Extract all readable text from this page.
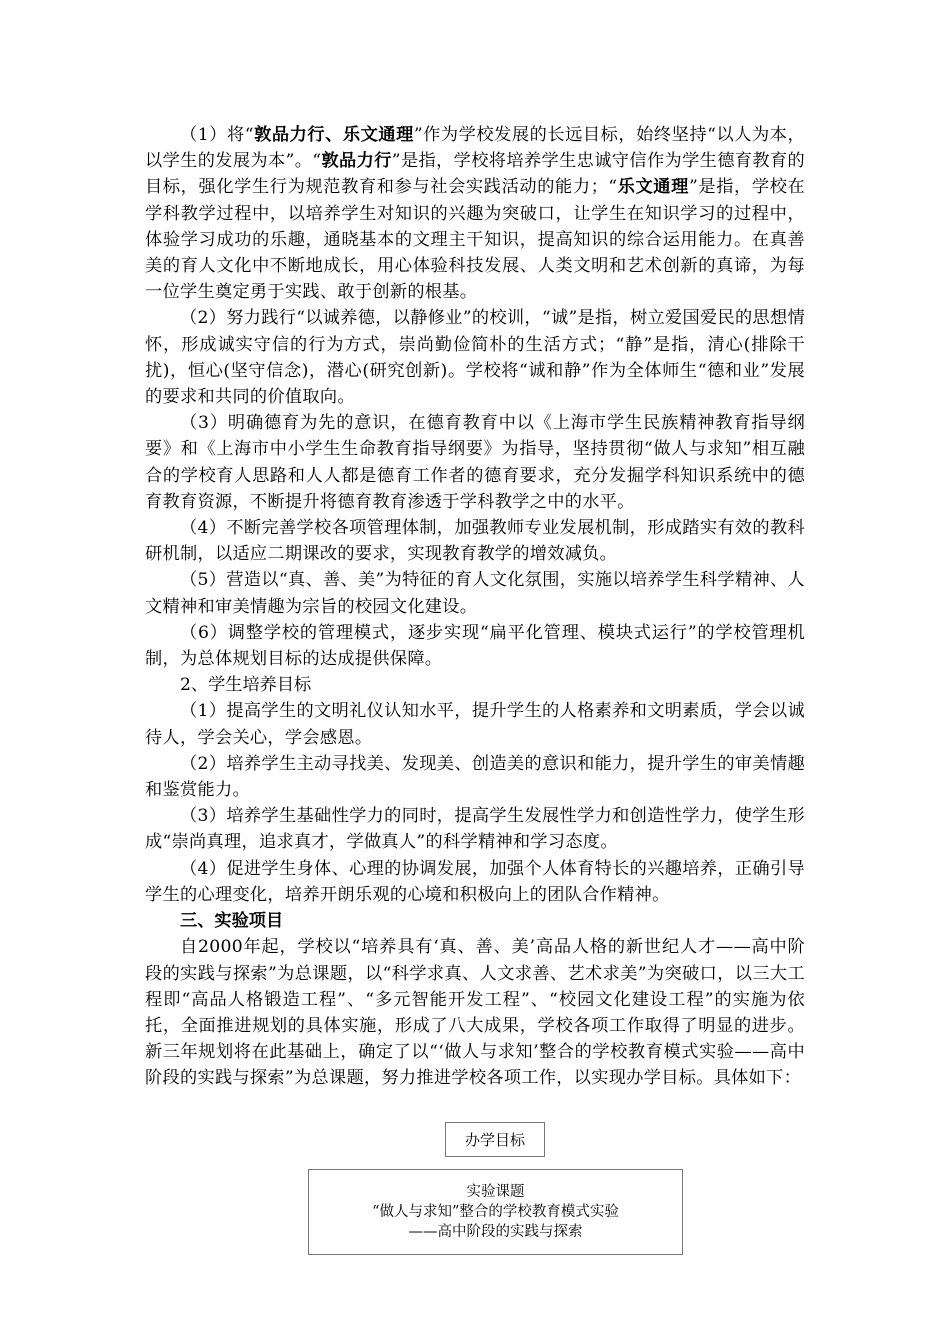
（1）将“敦品力行、乐文通理”作为学校发展的长远目标，始终坚持“以人为本，以学生的发展为本”。“敦品力行”是指，学校将培养学生忠诚守信作为学生德育教育的目标，强化学生行为规范教育和参与社会实践活动的能力；“乐文通理”是指，学校在学科教学过程中，以培养学生对知识的兴趣为突破口，让学生在知识学习的过程中，体验学习成功的乐趣，通晓基本的文理主干知识，提高知识的综合运用能力。在真善美的育人文化中不断地成长，用心体验科技发展、人类文明和艺术创新的真谛，为每一位学生奠定勇于实践、敢于创新的根基。

（2）努力践行“以诚养德，以静修业”的校训，“诚”是指，树立爱国爱民的思想情怀，形成诚实守信的行为方式，崇尚勤俭简朴的生活方式；“静”是指，清心(排除干扰)，恒心(坚守信念)，潜心(研究创新)。学校将“诚和静”作为全体师生“德和业”发展的要求和共同的价值取向。

（3）明确德育为先的意识，在德育教育中以《上海市学生民族精神教育指导纲要》和《上海市中小学生生命教育指导纲要》为指导，坚持贯彻“做人与求知”相互融合的学校育人思路和人人都是德育工作者的德育要求，充分发掘学科知识系统中的德育教育资源，不断提升将德育教育渗透于学科教学之中的水平。

（4）不断完善学校各项管理体制，加强教师专业发展机制，形成踏实有效的教科研机制，以适应二期课改的要求，实现教育教学的增效减负。

（5）营造以“真、善、美”为特征的育人文化氛围，实施以培养学生科学精神、人文精神和审美情趣为宗旨的校园文化建设。

（6）调整学校的管理模式，逐步实现“扁平化管理、模块式运行”的学校管理机制，为总体规划目标的达成提供保障。

2、学生培养目标

（1）提高学生的文明礼仪认知水平，提升学生的人格素养和文明素质，学会以诚待人，学会关心，学会感恩。

（2）培养学生主动寻找美、发现美、创造美的意识和能力，提升学生的审美情趣和鉴赏能力。

（3）培养学生基础性学力的同时，提高学生发展性学力和创造性学力，使学生形成“崇尚真理，追求真才，学做真人”的科学精神和学习态度。

（4）促进学生身体、心理的协调发展，加强个人体育特长的兴趣培养，正确引导学生的心理变化，培养开朗乐观的心境和积极向上的团队合作精神。

三、实验项目

自2000年起，学校以“培养具有‘真、善、美’高品人格的新世纪人才——高中阶段的实践与探索”为总课题，以“科学求真、人文求善、艺术求美”为突破口，以三大工程即“高品人格锻造工程”、“多元智能开发工程”、“校园文化建设工程”的实施为依托，全面推进规划的具体实施，形成了八大成果，学校各项工作取得了明显的进步。新三年规划将在此基础上，确定了以“‘做人与求知’整合的学校教育模式实验——高中阶段的实践与探索”为总课题，努力推进学校各项工作，以实现办学目标。具体如下：

办学目标
实验课题
“做人与求知”整合的学校教育模式实验
——高中阶段的实践与探索
